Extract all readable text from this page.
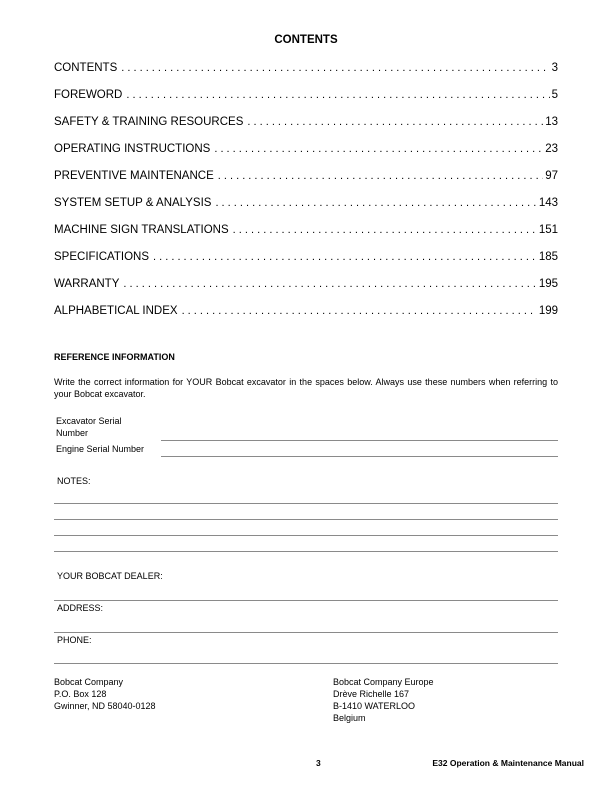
CONTENTS
CONTENTS . . .	3
FOREWORD . . .	5
SAFETY & TRAINING RESOURCES . . .	13
OPERATING INSTRUCTIONS . . .	23
PREVENTIVE MAINTENANCE . . .	97
SYSTEM SETUP & ANALYSIS . . .	143
MACHINE SIGN TRANSLATIONS . . .	151
SPECIFICATIONS . . .	185
WARRANTY . . .	195
ALPHABETICAL INDEX . . .	199
REFERENCE INFORMATION
Write the correct information for YOUR Bobcat excavator in the spaces below. Always use these numbers when referring to your Bobcat excavator.
Excavator Serial
Number
Engine Serial Number
NOTES:
YOUR BOBCAT DEALER:
ADDRESS:
PHONE:
Bobcat Company
P.O. Box 128
Gwinner, ND 58040-0128
Bobcat Company Europe
Drève Richelle 167
B-1410 WATERLOO
Belgium
3	E32 Operation & Maintenance Manual
